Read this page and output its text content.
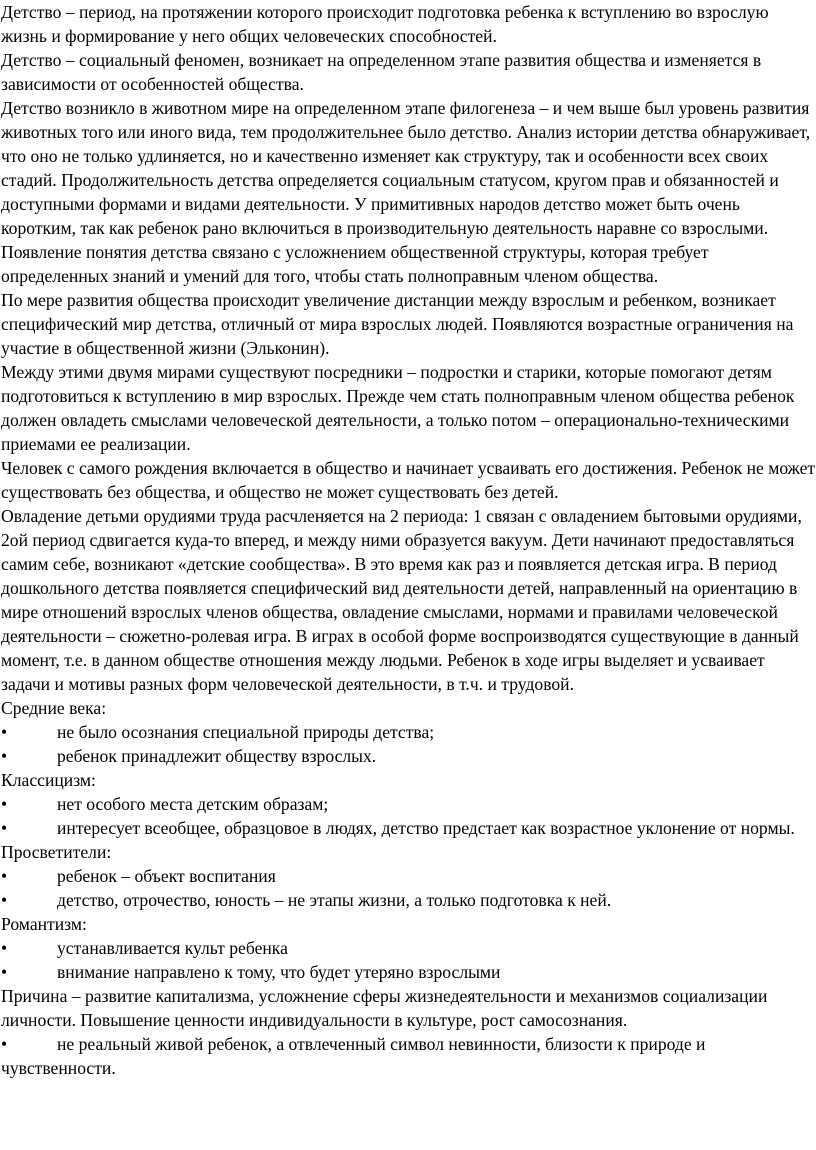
Детство – период, на протяжении которого происходит подготовка ребенка к вступлению во взрослую жизнь и формирование у него общих человеческих способностей.

Детство – социальный феномен, возникает на определенном этапе развития общества и изменяется в зависимости от особенностей общества.

Детство возникло в животном мире на определенном этапе филогенеза – и чем выше был уровень развития животных того или иного вида, тем продолжительнее было детство. Анализ истории детства обнаруживает, что оно не только удлиняется, но и качественно изменяет как структуру, так и особенности всех своих стадий. Продолжительность детства определяется социальным статусом, кругом прав и обязанностей и доступными формами и видами деятельности. У примитивных народов детство может быть очень коротким, так как ребенок рано включиться в производительную деятельность наравне со взрослыми.

Появление понятия детства связано с усложнением общественной структуры, которая требует определенных знаний и умений для того, чтобы стать полноправным членом общества.

По мере развития общества происходит увеличение дистанции между взрослым и ребенком, возникает специфический мир детства, отличный от мира взрослых людей. Появляются возрастные ограничения на участие в общественной жизни (Эльконин).

Между этими двумя мирами существуют посредники – подростки и старики, которые помогают детям подготовиться к вступлению в мир взрослых. Прежде чем стать полноправным членом общества ребенок должен овладеть смыслами человеческой деятельности, а только потом – операционально-техническими приемами ее реализации.

Человек с самого рождения включается в общество и начинает усваивать его достижения. Ребенок не может существовать без общества, и общество не может существовать без детей.

Овладение детьми орудиями труда расчленяется на 2 периода: 1 связан с овладением бытовыми орудиями, 2ой период сдвигается куда-то вперед, и между ними образуется вакуум. Дети начинают предоставляться самим себе, возникают «детские сообщества». В это время как раз и появляется детская игра. В период дошкольного детства появляется специфический вид деятельности детей, направленный на ориентацию в мире отношений взрослых членов общества, овладение смыслами, нормами и правилами человеческой деятельности – сюжетно-ролевая игра. В играх в особой форме воспроизводятся существующие в данный момент, т.е. в данном обществе отношения между людьми. Ребенок в ходе игры выделяет и усваивает задачи и мотивы разных форм человеческой деятельности, в т.ч. и трудовой.

Средние века:

•	не было осознания специальной природы детства;
•	ребенок принадлежит обществу взрослых.

Классицизм:

•	нет особого места детским образам;
•	интересует всеобщее, образцовое в людях, детство предстает как возрастное уклонение от нормы.

Просветители:

•	ребенок – объект воспитания
•	детство, отрочество, юность – не этапы жизни, а только подготовка к ней.

Романтизм:

•	устанавливается культ ребенка
•	внимание направлено к тому, что будет утеряно взрослыми

Причина – развитие капитализма, усложнение сферы жизнедеятельности и механизмов социализации личности. Повышение ценности индивидуальности в культуре, рост самосознания.

•	не реальный живой ребенок, а отвлеченный символ невинности, близости к природе и чувственности.
